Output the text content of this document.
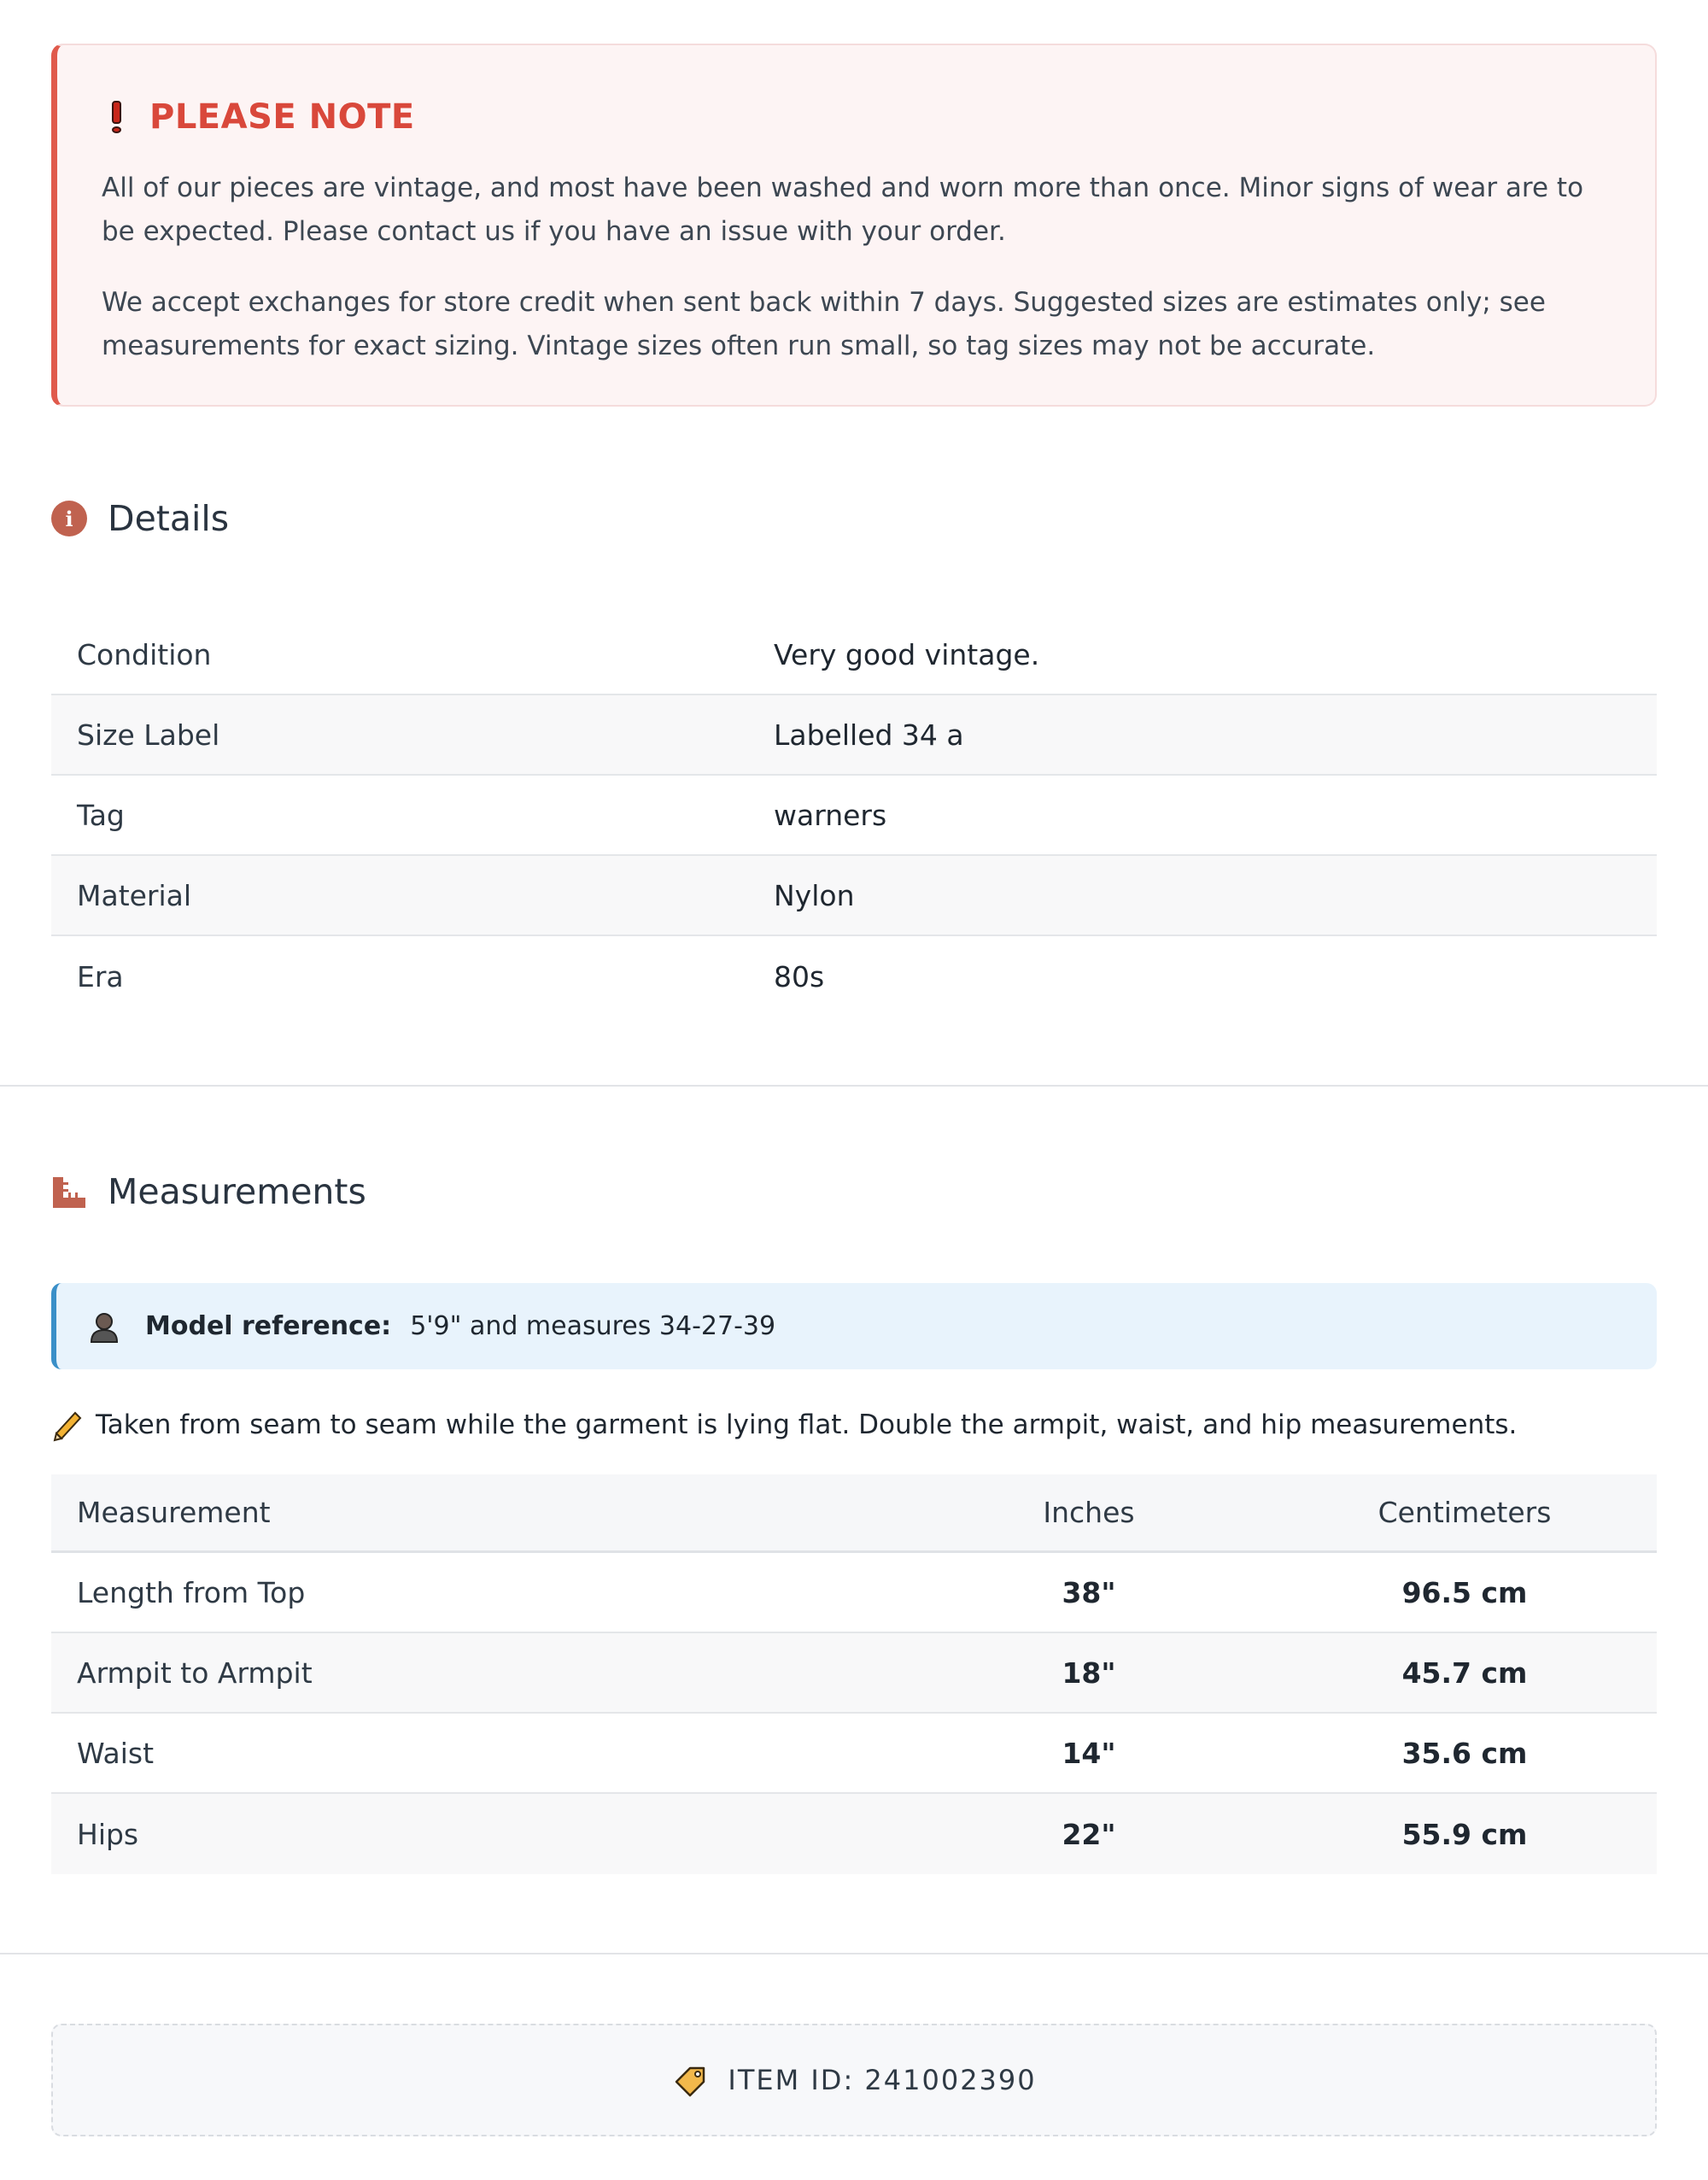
PLEASE NOTE

All of our pieces are vintage, and most have been washed and worn more than once. Minor signs of wear are to be expected. Please contact us if you have an issue with your order.

We accept exchanges for store credit when sent back within 7 days. Suggested sizes are estimates only; see measurements for exact sizing. Vintage sizes often run small, so tag sizes may not be accurate.

i Details
Condition	Very good vintage.
Size Label	Labelled 34 a
Tag	warners
Material	Nylon
Era	80s
Measurements
Model reference: 5'9" and measures 34-27-39
Taken from seam to seam while the garment is lying flat. Double the armpit, waist, and hip measurements.
Measurement	Inches	Centimeters
Length from Top	38"	96.5 cm
Armpit to Armpit	18"	45.7 cm
Waist	14"	35.6 cm
Hips	22"	55.9 cm
ITEM ID: 241002390
